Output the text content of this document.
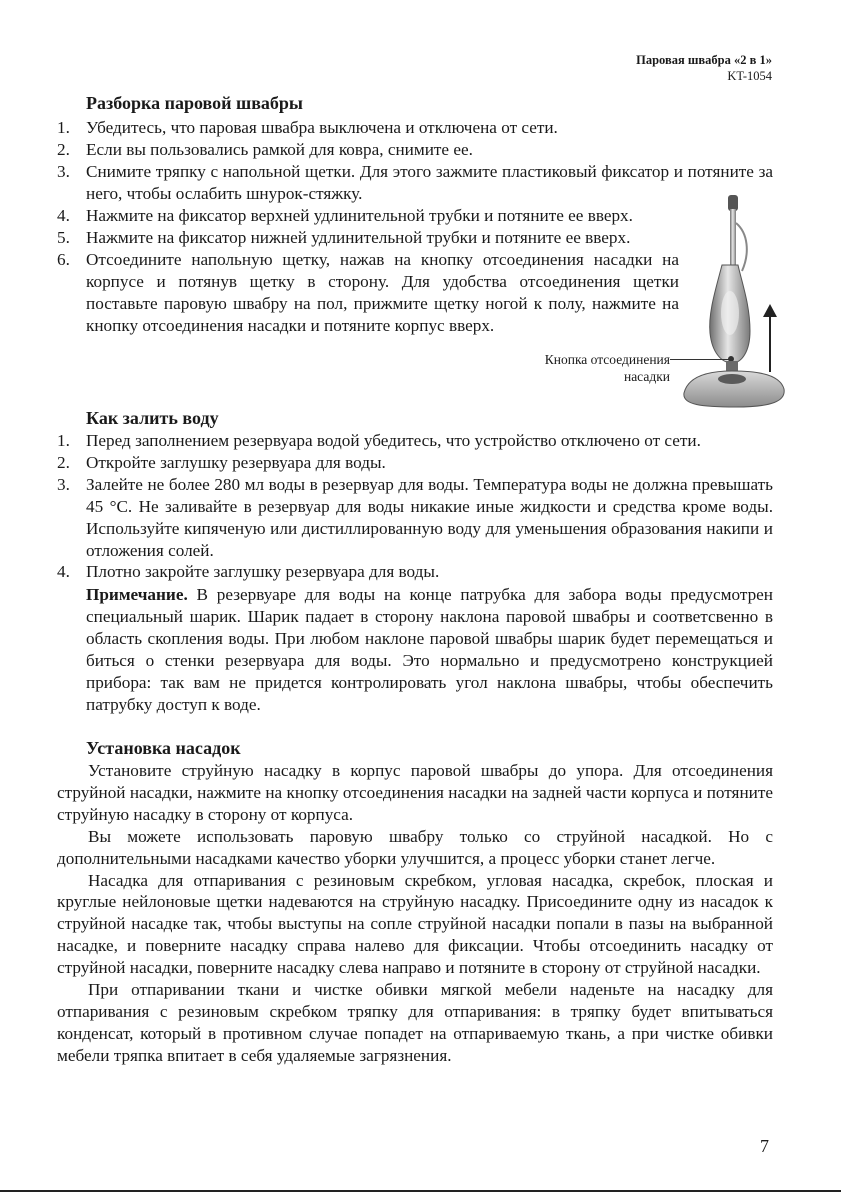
Паровая швабра «2 в 1»
KT-1054
Разборка паровой швабры
1. Убедитесь, что паровая швабра выключена и отключена от сети.
2. Если вы пользовались рамкой для ковра, снимите ее.
3. Снимите тряпку с напольной щетки. Для этого зажмите пластиковый фиксатор и потяните за него, чтобы ослабить шнурок-стяжку.
4. Нажмите на фиксатор верхней удлинительной трубки и потяните ее вверх.
5. Нажмите на фиксатор нижней удлинительной трубки и потяните ее вверх.
6. Отсоедините напольную щетку, нажав на кнопку отсоединения насадки на корпусе и потянув щетку в сторону. Для удобства отсоединения щетки поставьте паровую швабру на пол, прижмите щетку ногой к полу, нажмите на кнопку отсоединения насадки и потяните корпус вверх.
Кнопка отсоединения
насадки
Как залить воду
1. Перед заполнением резервуара водой убедитесь, что устройство отключено от сети.
2. Откройте заглушку резервуара для воды.
3. Залейте не более 280 мл воды в резервуар для воды. Температура воды не должна превышать 45 °С. Не заливайте в резервуар для воды никакие иные жидкости и средства кроме воды. Используйте кипяченую или дистиллированную воду для уменьшения образования накипи и отложения солей.
4. Плотно закройте заглушку резервуара для воды.

Примечание. В резервуаре для воды на конце патрубка для забора воды предусмотрен специальный шарик. Шарик падает в сторону наклона паровой швабры и соответсвенно в область скопления воды. При любом наклоне паровой швабры шарик будет перемещаться и биться о стенки резервуара для воды. Это нормально и предусмотрено конструкцией прибора: так вам не придется контролировать угол наклона швабры, чтобы обеспечить патрубку доступ к воде.

Установка насадок

Установите струйную насадку в корпус паровой швабры до упора. Для отсоединения струйной насадки, нажмите на кнопку отсоединения насадки на задней части корпуса и потяните струйную насадку в сторону от корпуса.

Вы можете использовать паровую швабру только со струйной насадкой. Но с дополнительными насадками качество уборки улучшится, а процесс уборки станет легче.

Насадка для отпаривания с резиновым скребком, угловая насадка, скребок, плоская и круглые нейлоновые щетки надеваются на струйную насадку. Присоедините одну из насадок к струйной насадке так, чтобы выступы на сопле струйной насадки попали в пазы на выбранной насадке, и поверните насадку справа налево для фиксации. Чтобы отсоединить насадку от струйной насадки, поверните насадку слева направо и потяните в сторону от струйной насадки.

При отпаривании ткани и чистке обивки мягкой мебели наденьте на насадку для отпаривания с резиновым скребком тряпку для отпаривания: в тряпку будет впитываться конденсат, который в противном случае попадет на отпариваемую ткань, а при чистке обивки мебели тряпка впитает в себя удаляемые загрязнения.

7
